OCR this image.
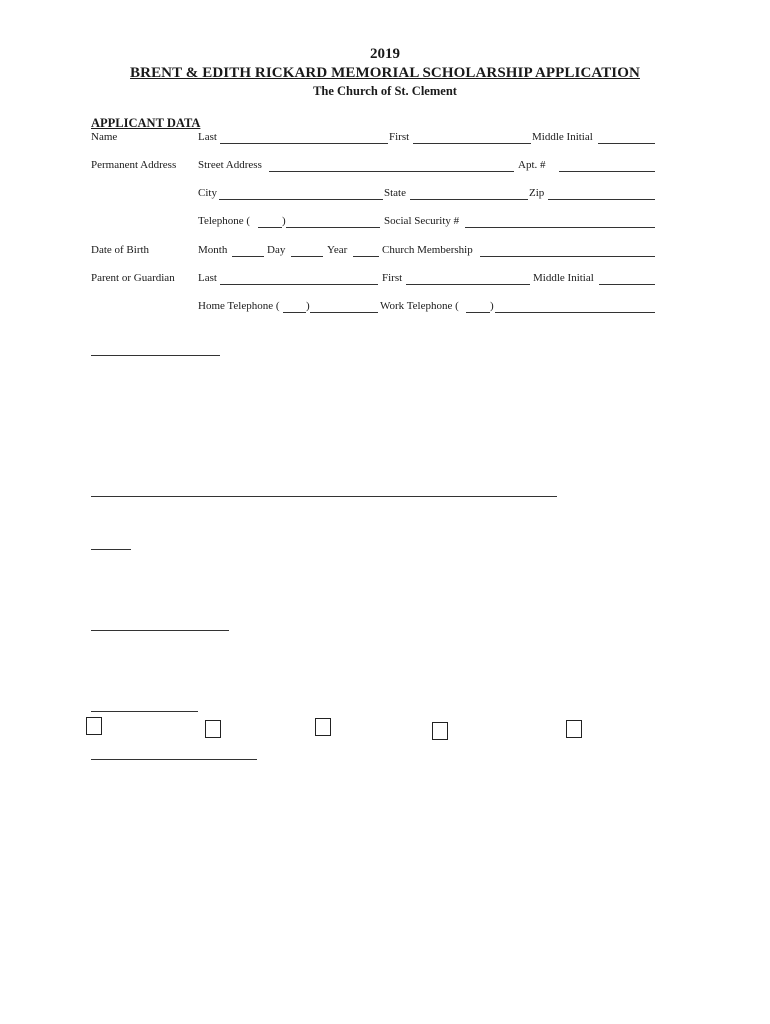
2019
BRENT & EDITH RICKARD MEMORIAL SCHOLARSHIP APPLICATION
The Church of St. Clement
APPLICANT DATA
Name	Last	First	Middle Initial
Permanent Address Street Address	Apt. #
City	State	Zip
Telephone (	)	Social Security #
Date of Birth	Month	Day	Year	Church Membership
Parent or Guardian Last	First	Middle Initial
Home Telephone ( )	Work Telephone (	)
